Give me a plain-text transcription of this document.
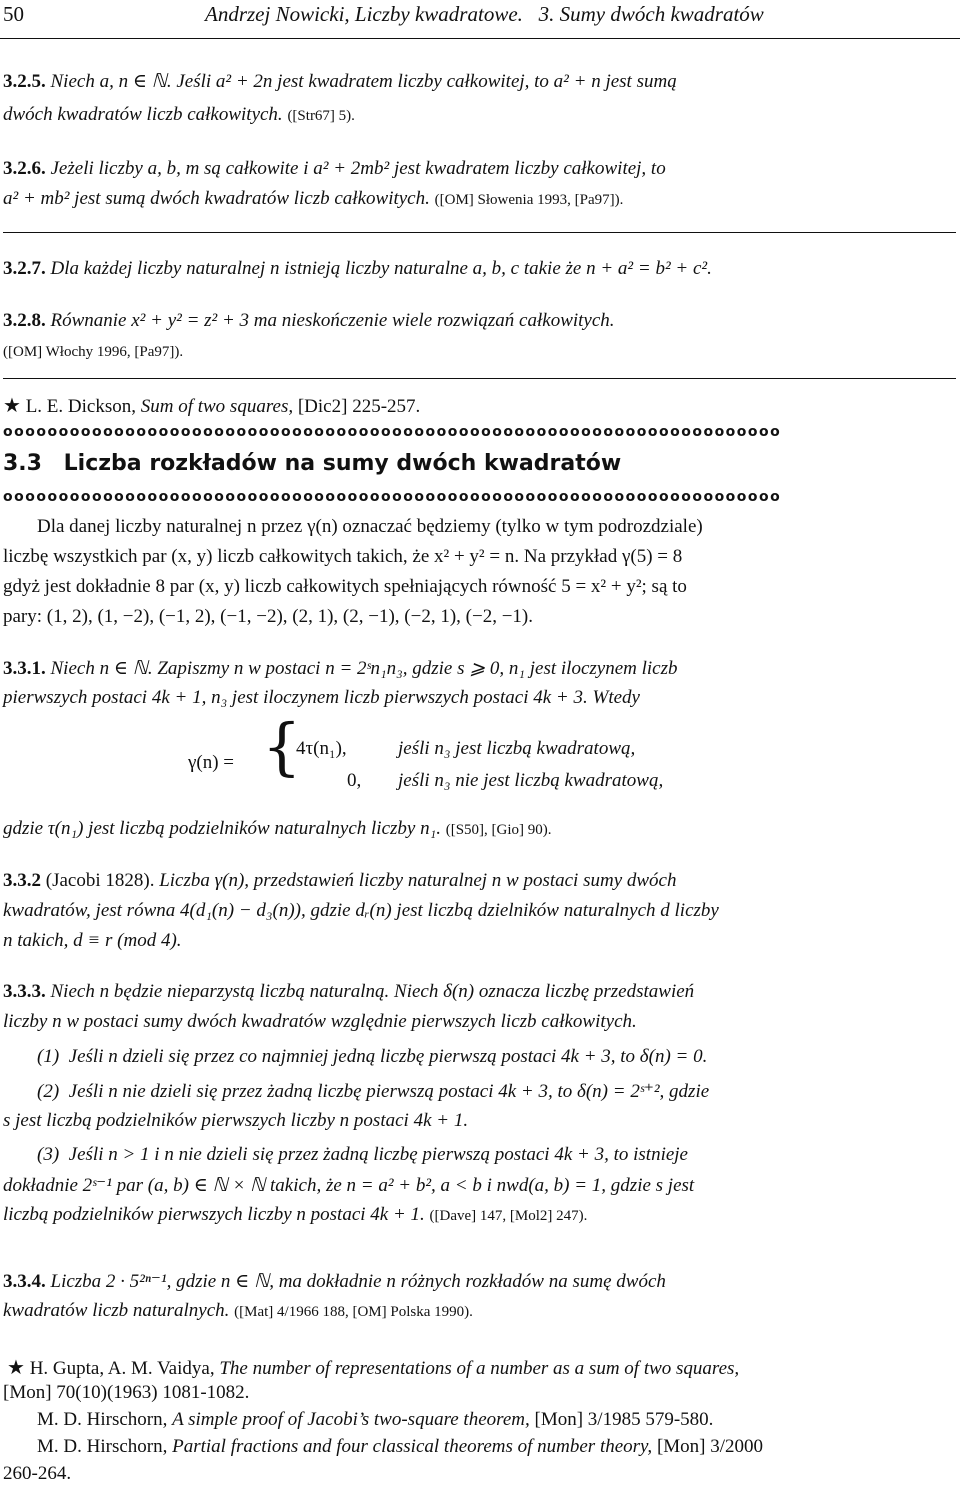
50	Andrzej Nowicki, Liczby kwadratowe.   3. Sumy dwóch kwadratów
3.2.5. Niech a, n ∈ ℕ. Jeśli a² + 2n jest kwadratem liczby całkowitej, to a² + n jest sumą
dwóch kwadratów liczb całkowitych. ([Str67] 5).
3.2.6. Jeżeli liczby a, b, m są całkowite i a² + 2mb² jest kwadratem liczby całkowitej, to
a² + mb² jest sumą dwóch kwadratów liczb całkowitych. ([OM] Słowenia 1993, [Pa97]).
3.2.7. Dla każdej liczby naturalnej n istnieją liczby naturalne a, b, c takie że n + a² = b² + c².
3.2.8. Równanie x² + y² = z² + 3 ma nieskończenie wiele rozwiązań całkowitych.
([OM] Włochy 1996, [Pa97]).
★ L. E. Dickson, Sum of two squares, [Dic2] 225-257.
oooooooooooooooooooooooooooooooooooooooooooooooooooooooooooooooooooooo
3.3 Liczba rozkładów na sumy dwóch kwadratów
oooooooooooooooooooooooooooooooooooooooooooooooooooooooooooooooooooooo
Dla danej liczby naturalnej n przez γ(n) oznaczać będziemy (tylko w tym podrozdziale)
liczbę wszystkich par (x, y) liczb całkowitych takich, że x² + y² = n. Na przykład γ(5) = 8
gdyż jest dokładnie 8 par (x, y) liczb całkowitych spełniających równość 5 = x² + y²; są to
pary: (1, 2), (1, −2), (−1, 2), (−1, −2), (2, 1), (2, −1), (−2, 1), (−2, −1).
3.3.1. Niech n ∈ ℕ. Zapiszmy n w postaci n = 2ˢn₁n₃, gdzie s ⩾ 0, n₁ jest iloczynem liczb
pierwszych postaci 4k + 1, n₃ jest iloczynem liczb pierwszych postaci 4k + 3. Wtedy
γ(n) = {
4τ(n₁),	jeśli n₃ jest liczbą kwadratową,
0, jeśli n₃ nie jest liczbą kwadratową,
gdzie τ(n₁) jest liczbą podzielników naturalnych liczby n₁. ([S50], [Gio] 90).
3.3.2 (Jacobi 1828). Liczba γ(n), przedstawień liczby naturalnej n w postaci sumy dwóch
kwadratów, jest równa 4(d₁(n) − d₃(n)), gdzie dᵣ(n) jest liczbą dzielników naturalnych d liczby
n takich, d ≡ r (mod 4).
3.3.3. Niech n będzie nieparzystą liczbą naturalną. Niech δ(n) oznacza liczbę przedstawień
liczby n w postaci sumy dwóch kwadratów względnie pierwszych liczb całkowitych.
(1)  Jeśli n dzieli się przez co najmniej jedną liczbę pierwszą postaci 4k + 3, to δ(n) = 0.
(2)  Jeśli n nie dzieli się przez żadną liczbę pierwszą postaci 4k + 3, to δ(n) = 2ˢ⁺², gdzie
s jest liczbą podzielników pierwszych liczby n postaci 4k + 1.
(3)  Jeśli n > 1 i n nie dzieli się przez żadną liczbę pierwszą postaci 4k + 3, to istnieje
dokładnie 2ˢ⁻¹ par (a, b) ∈ ℕ × ℕ takich, że n = a² + b², a < b i nwd(a, b) = 1, gdzie s jest
liczbą podzielników pierwszych liczby n postaci 4k + 1. ([Dave] 147, [Mol2] 247).
3.3.4. Liczba 2 · 5²ⁿ⁻¹, gdzie n ∈ ℕ, ma dokładnie n różnych rozkładów na sumę dwóch
kwadratów liczb naturalnych. ([Mat] 4/1966 188, [OM] Polska 1990).
★ H. Gupta, A. M. Vaidya, The number of representations of a number as a sum of two squares,
[Mon] 70(10)(1963) 1081-1082.
M. D. Hirschorn, A simple proof of Jacobi’s two-square theorem, [Mon] 3/1985 579-580.
M. D. Hirschorn, Partial fractions and four classical theorems of number theory, [Mon] 3/2000
260-264.
